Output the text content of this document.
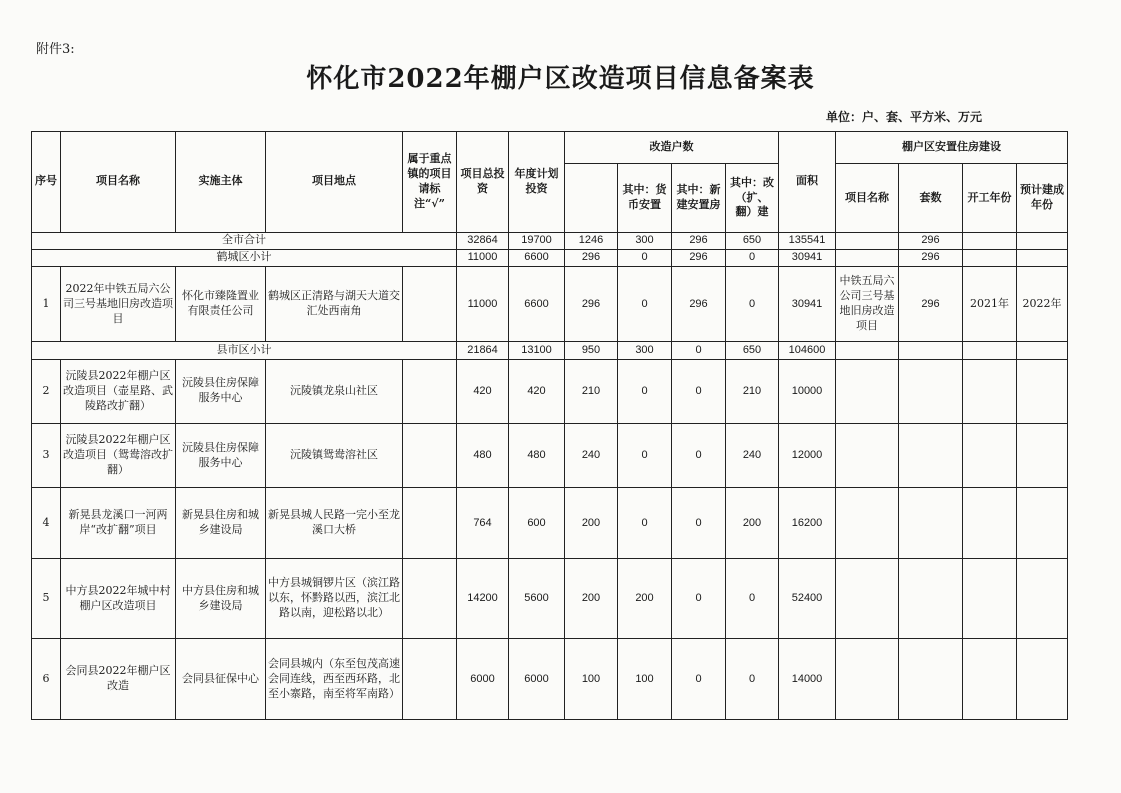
附件3:
怀化市2022年棚户区改造项目信息备案表
单位：户、套、平方米、万元
序号	项目名称	实施主体	项目地点	属于重点镇的项目请标注“√”	项目总投资	年度计划投资	改造户数				面积	棚户区安置住房建设			
								其中：货币安置	其中：新建安置房	其中：改（扩、翻）建		项目名称	套数	开工年份	预计建成年份

全市合计					32864	19700	1246	300	296	650	135541		296		
鹤城区小计					11000	6600	296	0	296	0	30941		296		
1	2022年中铁五局六公司三号基地旧房改造项目	怀化市臻隆置业有限责任公司	鹤城区正清路与湖天大道交汇处西南角		11000	6600	296	0	296	0	30941	中铁五局六公司三号基地旧房改造项目	296	2021年	2022年
县市区小计					21864	13100	950	300	0	650	104600				
2	沅陵县2022年棚户区改造项目（壶星路、武陵路改扩翻）	沅陵县住房保障服务中心	沅陵镇龙泉山社区		420	420	210	0	0	210	10000				
3	沅陵县2022年棚户区改造项目（鸳鸯溶改扩翻）	沅陵县住房保障服务中心	沅陵镇鸳鸯溶社区		480	480	240	0	0	240	12000				
4	新晃县龙溪口一河两岸“改扩翻”项目	新晃县住房和城乡建设局	新晃县城人民路一完小至龙溪口大桥		764	600	200	0	0	200	16200				
5	中方县2022年城中村棚户区改造项目	中方县住房和城乡建设局	中方县城铜锣片区（滨江路以东，怀黔路以西，滨江北路以南，迎松路以北）		14200	5600	200	200	0	0	52400				
6	会同县2022年棚户区改造	会同县征保中心	会同县城内（东至包茂高速会同连线，西至西环路，北至小寨路，南至将军南路）		6000	6000	100	100	0	0	14000				
